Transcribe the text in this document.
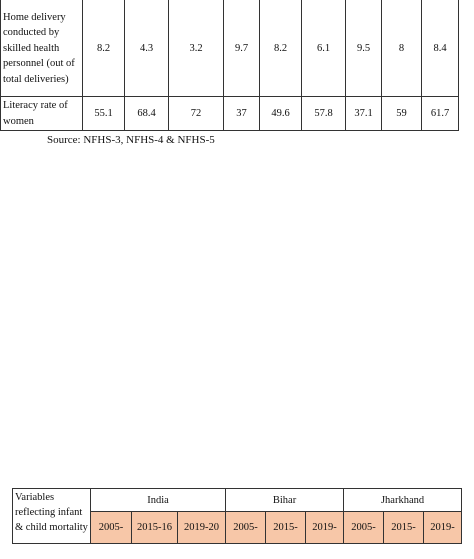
Home delivery conducted by skilled health personnel (out of total deliveries)	8.2	4.3	3.2	9.7	8.2	6.1	9.5	8	8.4
Literacy rate of women	55.1	68.4	72	37	49.6	57.8	37.1	59	61.7

Source: NFHS-3, NFHS-4 & NFHS-5

Variables reflecting infant & child mortality	India			Bihar			Jharkhand		
	2005-	2015-16	2019-20	2005-	2015-	2019-	2005-	2015-	2019-
